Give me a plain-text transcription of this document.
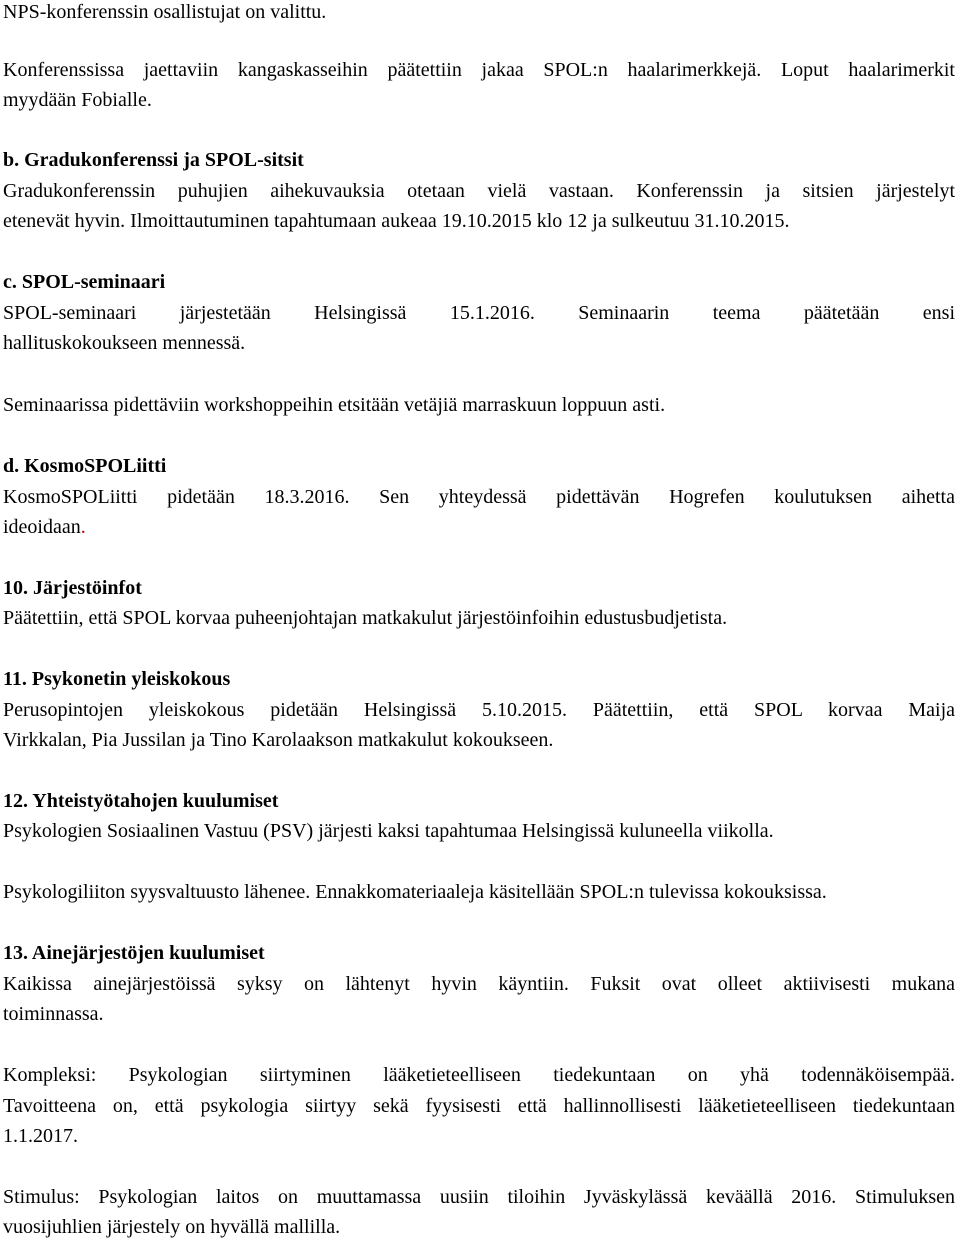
NPS-konferenssin osallistujat on valittu.
Konferenssissa jaettaviin kangaskasseihin päätettiin jakaa SPOL:n haalarimerkkejä. Loput haalarimerkit
myydään Fobialle.
b. Gradukonferenssi ja SPOL-sitsit
Gradukonferenssin puhujien aihekuvauksia otetaan vielä vastaan. Konferenssin ja sitsien järjestelyt
etenevät hyvin. Ilmoittautuminen tapahtumaan aukeaa 19.10.2015 klo 12 ja sulkeutuu 31.10.2015.
c. SPOL-seminaari
SPOL-seminaari järjestetään Helsingissä 15.1.2016. Seminaarin teema päätetään ensi
hallituskokoukseen mennessä.
Seminaarissa pidettäviin workshoppeihin etsitään vetäjiä marraskuun loppuun asti.
d. KosmoSPOLiitti
KosmoSPOLiitti pidetään 18.3.2016. Sen yhteydessä pidettävän Hogrefen koulutuksen aihetta
ideoidaan.
10. Järjestöinfot
Päätettiin, että SPOL korvaa puheenjohtajan matkakulut järjestöinfoihin edustusbudjetista.
11. Psykonetin yleiskokous
Perusopintojen yleiskokous pidetään Helsingissä 5.10.2015. Päätettiin, että SPOL korvaa Maija
Virkkalan, Pia Jussilan ja Tino Karolaakson matkakulut kokoukseen.
12. Yhteistyötahojen kuulumiset
Psykologien Sosiaalinen Vastuu (PSV) järjesti kaksi tapahtumaa Helsingissä kuluneella viikolla.
Psykologiliiton syysvaltuusto lähenee. Ennakkomateriaaleja käsitellään SPOL:n tulevissa kokouksissa.
13. Ainejärjestöjen kuulumiset
Kaikissa ainejärjestöissä syksy on lähtenyt hyvin käyntiin. Fuksit ovat olleet aktiivisesti mukana
toiminnassa.
Kompleksi: Psykologian siirtyminen lääketieteelliseen tiedekuntaan on yhä todennäköisempää.
Tavoitteena on, että psykologia siirtyy sekä fyysisesti että hallinnollisesti lääketieteelliseen tiedekuntaan
1.1.2017.
Stimulus: Psykologian laitos on muuttamassa uusiin tiloihin Jyväskylässä keväällä 2016. Stimuluksen
vuosijuhlien järjestely on hyvällä mallilla.
